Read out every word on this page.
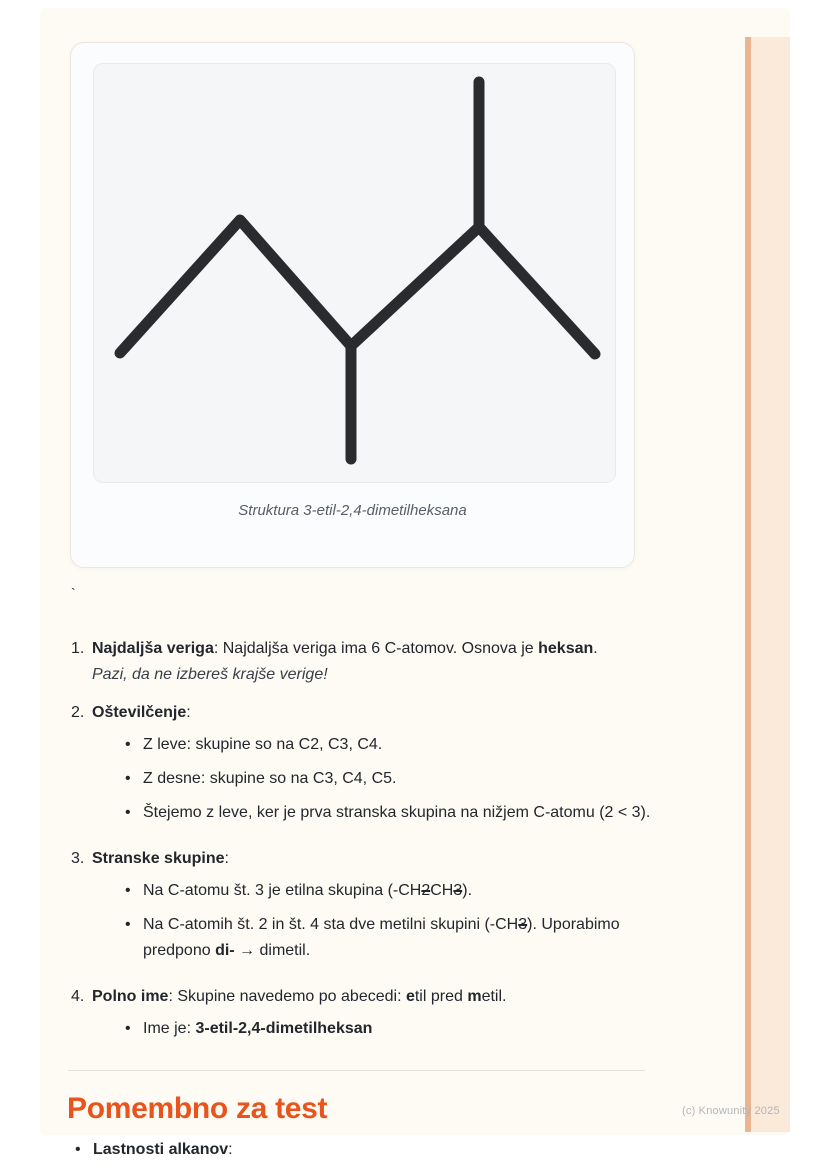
Struktura 3-etil-2,4-dimetilheksana
`
1. Najdaljša veriga: Najdaljša veriga ima 6 C-atomov. Osnova je heksan.
Pazi, da ne izbereš krajše verige!
2. Oštevilčenje:
• Z leve: skupine so na C2, C3, C4.
• Z desne: skupine so na C3, C4, C5.
• Štejemo z leve, ker je prva stranska skupina na nižjem C-atomu (2 < 3).
3. Stranske skupine:
• Na C-atomu št. 3 je etilna skupina (-CH2CH3).
• Na C-atomih št. 2 in št. 4 sta dve metilni skupini (-CH3). Uporabimo predpono di- → dimetil.
4. Polno ime: Skupine navedemo po abecedi: etil pred metil.
• Ime je: 3-etil-2,4-dimetilheksan
Pomembno za test
• Lastnosti alkanov:
(c) Knowunity 2025
